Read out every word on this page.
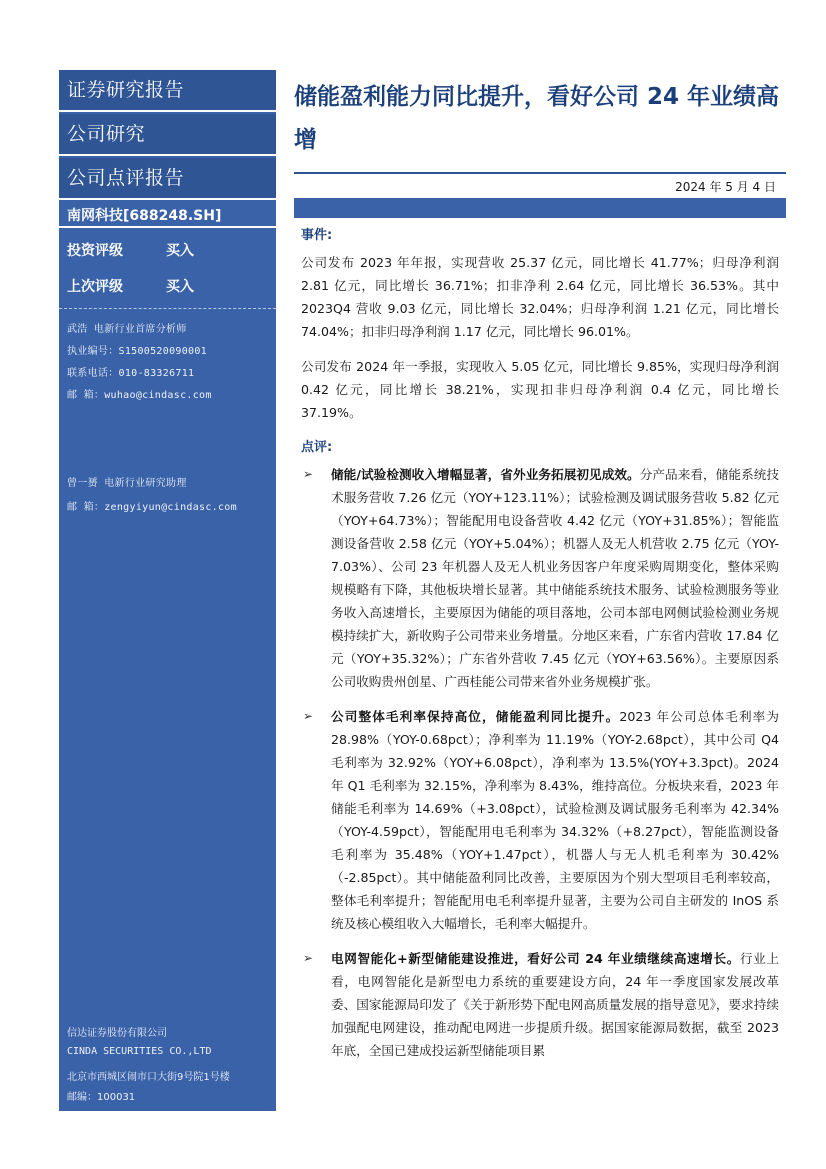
证券研究报告
公司研究
公司点评报告
南网科技[688248.SH]
投资评级	买入
上次评级	买入
武浩 电新行业首席分析师
执业编号：S1500520090001
联系电话：010-83326711
邮 箱：wuhao@cindasc.com
曾一赟 电新行业研究助理
邮 箱：zengyiyun@cindasc.com
信达证券股份有限公司
CINDA SECURITIES CO.,LTD
北京市西城区闹市口大街9号院1号楼
邮编：100031
储能盈利能力同比提升，看好公司 24 年业绩高增
2024 年 5 月 4 日
事件:

公司发布 2023 年年报，实现营收 25.37 亿元，同比增长 41.77%；归母净利润 2.81 亿元，同比增长 36.71%；扣非净利 2.64 亿元，同比增长 36.53%。其中 2023Q4 营收 9.03 亿元，同比增长 32.04%；归母净利润 1.21 亿元，同比增长 74.04%；扣非归母净利润 1.17 亿元，同比增长 96.01%。

公司发布 2024 年一季报，实现收入 5.05 亿元，同比增长 9.85%，实现归母净利润 0.42 亿元，同比增长 38.21%，实现扣非归母净利润 0.4 亿元，同比增长 37.19%。

点评:
➢ 储能/试验检测收入增幅显著，省外业务拓展初见成效。分产品来看，储能系统技术服务营收 7.26 亿元（YOY+123.11%）；试验检测及调试服务营收 5.82 亿元（YOY+64.73%）；智能配用电设备营收 4.42 亿元（YOY+31.85%）；智能监测设备营收 2.58 亿元（YOY+5.04%）；机器人及无人机营收 2.75 亿元（YOY-7.03%）、公司 23 年机器人及无人机业务因客户年度采购周期变化，整体采购规模略有下降，其他板块增长显著。其中储能系统技术服务、试验检测服务等业务收入高速增长，主要原因为储能的项目落地，公司本部电网侧试验检测业务规模持续扩大，新收购子公司带来业务增量。分地区来看，广东省内营收 17.84 亿元（YOY+35.32%）；广东省外营收 7.45 亿元（YOY+63.56%）。主要原因系公司收购贵州创星、广西桂能公司带来省外业务规模扩张。
➢ 公司整体毛利率保持高位，储能盈利同比提升。2023 年公司总体毛利率为 28.98%（YOY-0.68pct）；净利率为 11.19%（YOY-2.68pct），其中公司 Q4 毛利率为 32.92%（YOY+6.08pct），净利率为 13.5%(YOY+3.3pct)。2024 年 Q1 毛利率为 32.15%，净利率为 8.43%，维持高位。分板块来看，2023 年储能毛利率为 14.69%（+3.08pct），试验检测及调试服务毛利率为 42.34%（YOY-4.59pct），智能配用电毛利率为 34.32%（+8.27pct），智能监测设备毛利率为 35.48%（YOY+1.47pct），机器人与无人机毛利率为 30.42%（-2.85pct）。其中储能盈利同比改善，主要原因为个别大型项目毛利率较高，整体毛利率提升；智能配用电毛利率提升显著，主要为公司自主研发的 InOS 系统及核心模组收入大幅增长，毛利率大幅提升。
➢ 电网智能化+新型储能建设推进，看好公司 24 年业绩继续高速增长。行业上看，电网智能化是新型电力系统的重要建设方向，24 年一季度国家发展改革委、国家能源局印发了《关于新形势下配电网高质量发展的指导意见》，要求持续加强配电网建设，推动配电网进一步提质升级。据国家能源局数据，截至 2023 年底，全国已建成投运新型储能项目累
